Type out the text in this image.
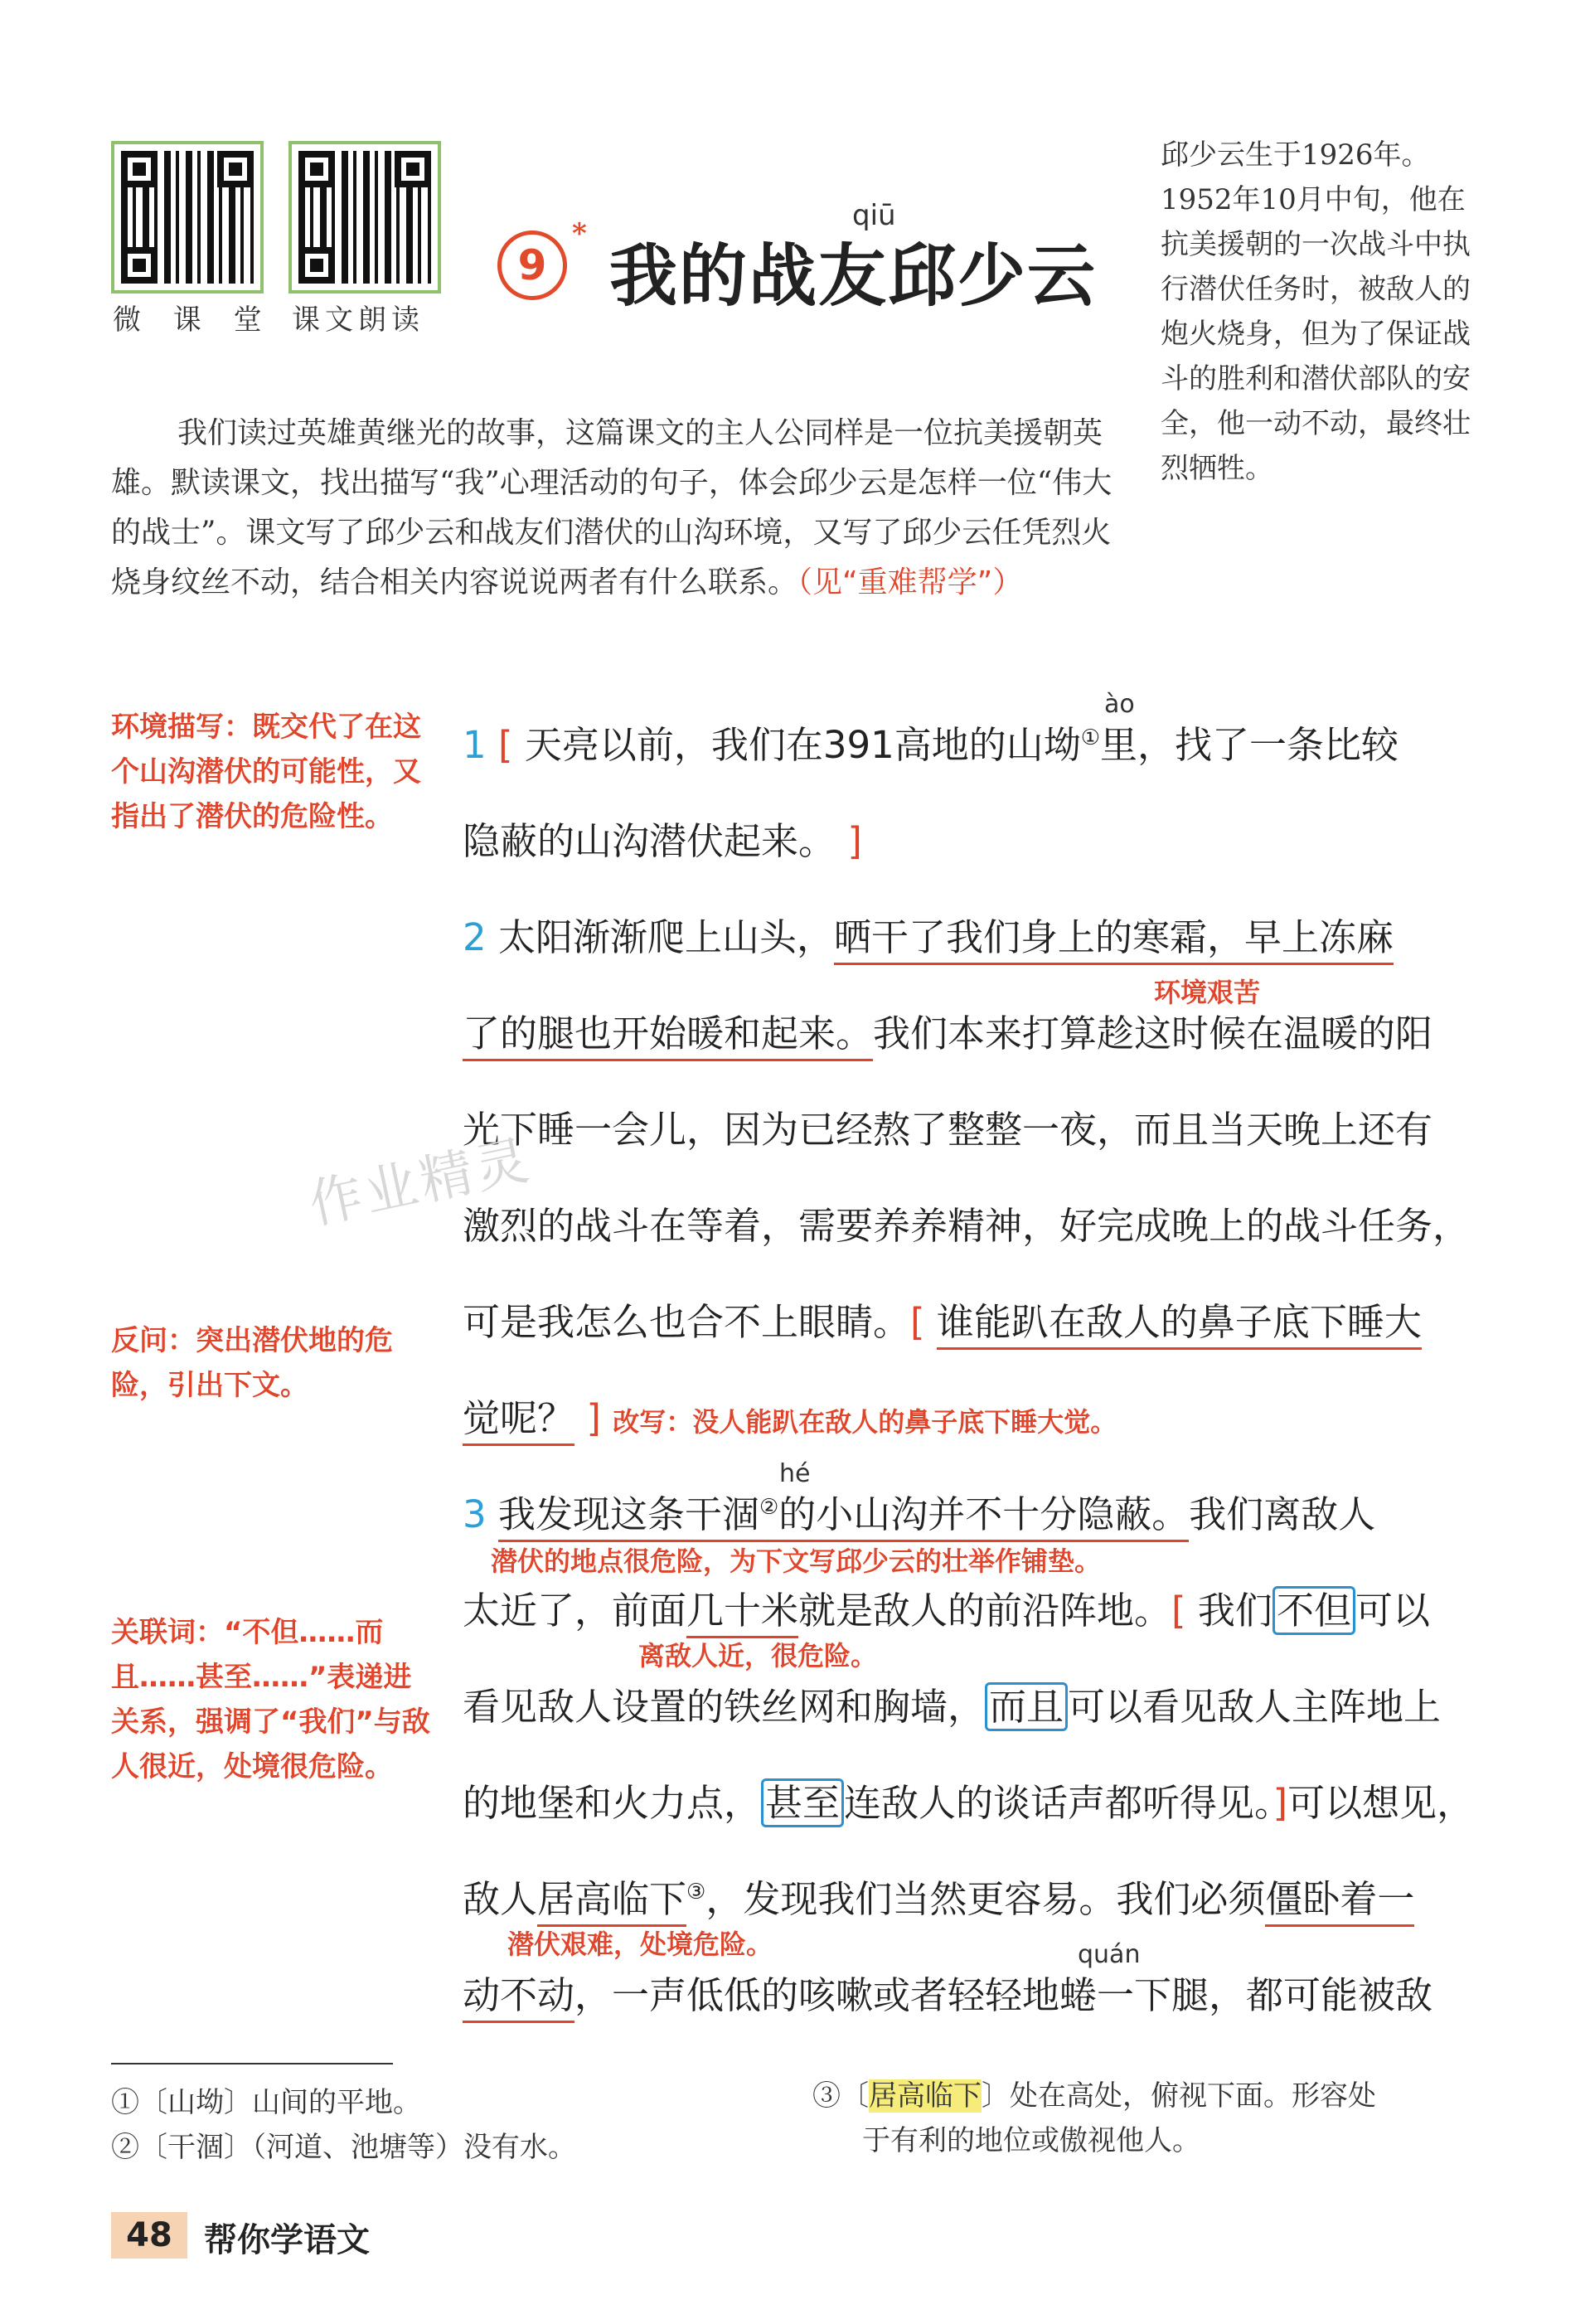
微 课 堂 课文朗读
9
*
qiū
我的战友邱少云
邱少云生于1926年。1952年10月中旬，他在抗美援朝的一次战斗中执行潜伏任务时，被敌人的炮火烧身，但为了保证战斗的胜利和潜伏部队的安全，他一动不动，最终壮烈牺牲。
我们读过英雄黄继光的故事，这篇课文的主人公同样是一位抗美援朝英雄。默读课文，找出描写“我”心理活动的句子，体会邱少云是怎样一位“伟大的战士”。课文写了邱少云和战友们潜伏的山沟环境，又写了邱少云任凭烈火烧身纹丝不动，结合相关内容说说两者有什么联系。（见“重难帮学”）
环境描写：既交代了在这个山沟潜伏的可能性，又指出了潜伏的危险性。
反问：突出潜伏地的危险，引出下文。
关联词：“不但……而且……甚至……”表递进关系，强调了“我们”与敌人很近，处境很危险。
ào
1 [ 天亮以前，我们在391高地的山坳①里，找了一条比较
隐蔽的山沟潜伏起来。 ]
2 太阳渐渐爬上山头，晒干了我们身上的寒霜，早上冻麻
环境艰苦
了的腿也开始暖和起来。我们本来打算趁这时候在温暖的阳
光下睡一会儿，因为已经熬了整整一夜，而且当天晚上还有
激烈的战斗在等着，需要养养精神，好完成晚上的战斗任务，
可是我怎么也合不上眼睛。[ 谁能趴在敌人的鼻子底下睡大
觉呢？ ] 改写：没人能趴在敌人的鼻子底下睡大觉。
hé
3 我发现这条干涸②的小山沟并不十分隐蔽。我们离敌人
潜伏的地点很危险，为下文写邱少云的壮举作铺垫。
太近了，前面几十米就是敌人的前沿阵地。[ 我们 不但 可以
离敌人近，很危险。
看见敌人设置的铁丝网和胸墙， 而且 可以看见敌人主阵地上
的地堡和火力点， 甚至 连敌人的谈话声都听得见。]可以想见，
敌人居高临下③，发现我们当然更容易。我们必须僵卧着一
潜伏艰难，处境危险。	quán
动不动，一声低低的咳嗽或者轻轻地蜷一下腿，都可能被敌
作业精灵
①〔山坳〕山间的平地。
②〔干涸〕（河道、池塘等）没有水。
③〔居高临下〕处在高处，俯视下面。形容处
于有利的地位或傲视他人。
48 帮你学语文
